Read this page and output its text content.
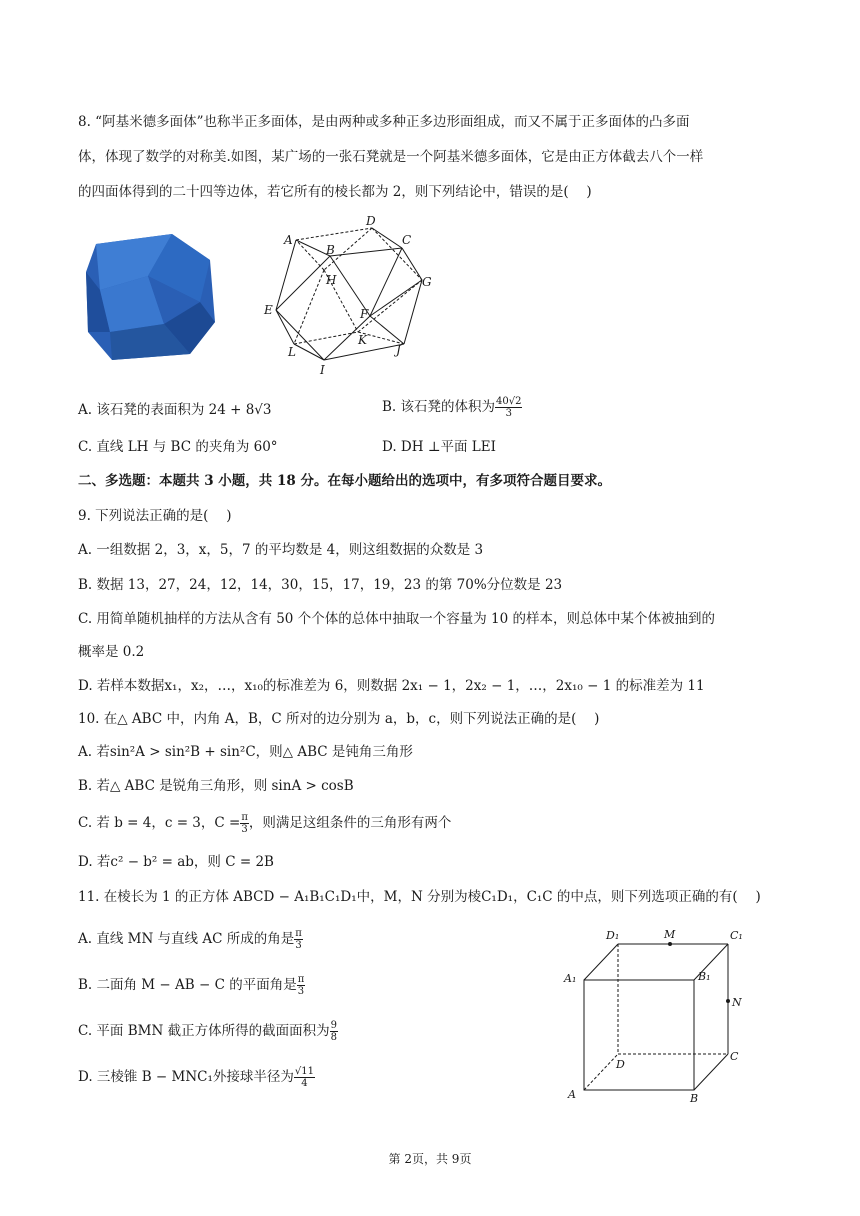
8. “阿基米德多面体”也称半正多面体，是由两种或多种正多边形面组成，而又不属于正多面体的凸多面
体，体现了数学的对称美.如图，某广场的一张石凳就是一个阿基米德多面体，它是由正方体截去八个一样
的四面体得到的二十四等边体，若它所有的棱长都为 2，则下列结论中，错误的是(　 )
A
B
C
D
E	F
G
H
I
J
K
L
A. 该石凳的表面积为 24 + 8√3	B. 该石凳的体积为 $\frac{40√2}{3}$
C. 直线 LH 与 BC 的夹角为 60°	D. DH ⊥平面 LEI
二、多选题：本题共 3 小题，共 18 分。在每小题给出的选项中，有多项符合题目要求。
9. 下列说法正确的是(　 )
A. 一组数据 2，3，x，5，7 的平均数是 4，则这组数据的众数是 3
B. 数据 13，27，24，12，14，30，15，17，19，23 的第 70%分位数是 23
C. 用简单随机抽样的方法从含有 50 个个体的总体中抽取一个容量为 10 的样本，则总体中某个体被抽到的
概率是 0.2
D. 若样本数据x₁，x₂，…，x₁₀的标准差为 6，则数据 2x₁ − 1，2x₂ − 1，…，2x₁₀ − 1 的标准差为 11
10. 在△ ABC 中，内角 A，B，C 所对的边分别为 a，b，c，则下列说法正确的是(　 )
A. 若sin²A > sin²B + sin²C，则△ ABC 是钝角三角形
B. 若△ ABC 是锐角三角形，则 sinA > cosB
C. 若 b = 4，c = 3，$C = \frac{\pi}{3}$ ，则满足这组条件的三角形有两个
D. 若c² − b² = ab，则 C = 2B
11. 在棱长为 1 的正方体 ABCD − A₁B₁C₁D₁中，M，N 分别为棱C₁D₁，C₁C 的中点，则下列选项正确的有(　 )
A. 直线 MN 与直线 AC 所成的角是 $\frac{\pi}{3}$
B. 二面角 M − AB − C 的平面角是 $\frac{\pi}{3}$
C. 平面 BMN 截正方体所得的截面面积为 $\frac{9}{8}$
D. 三棱锥 B − MNC₁外接球半径为 $\frac{√11}{4}$
D₁	M	C₁
A₁	B₁
N
D
C
A	B
第 2页，共 9页
